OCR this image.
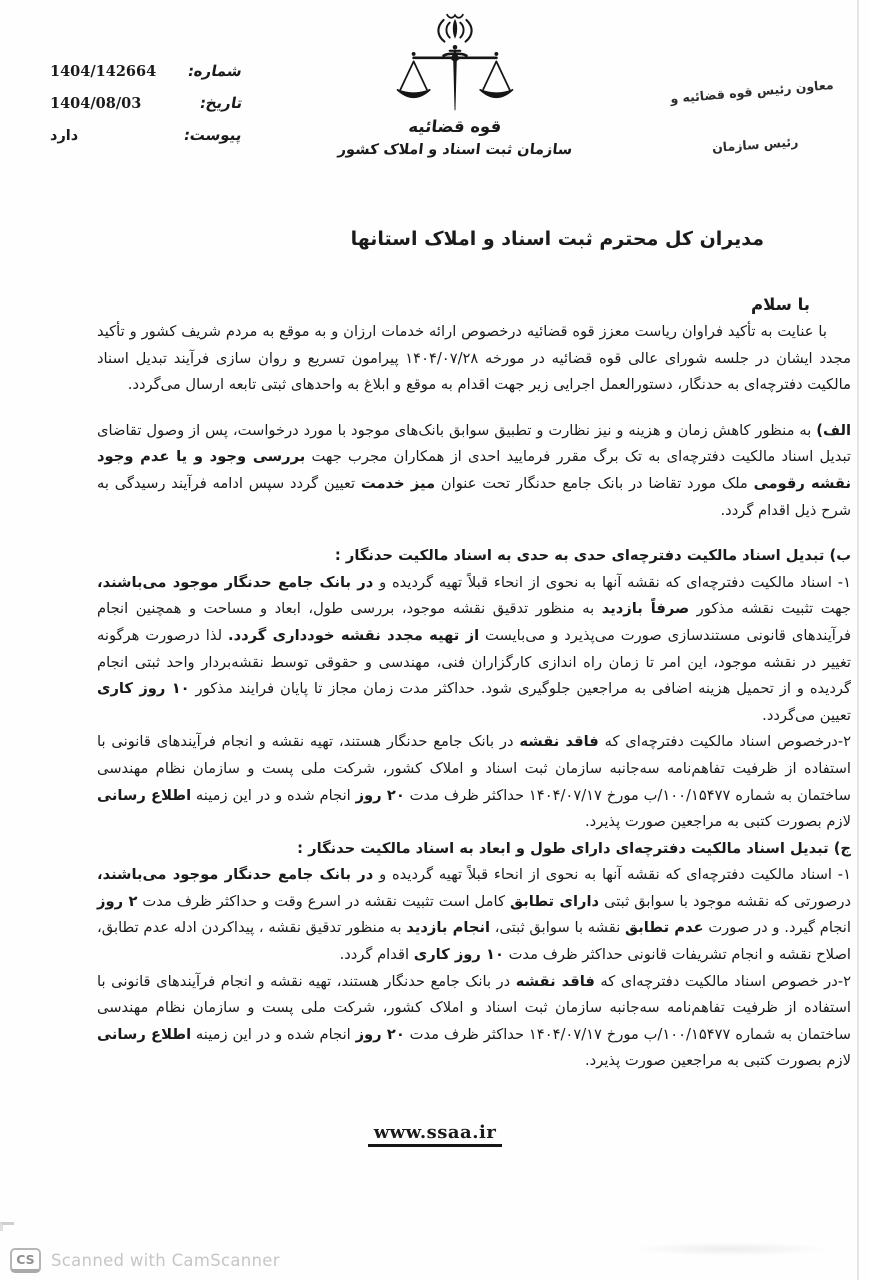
شماره:
1404/142664
تاریخ:
1404/08/03
پیوست:
دارد	قوه قضائیه
سازمان ثبت اسناد و املاک کشور
معاون رئیس قوه قضائیه و
رئیس سازمان
مدیران کل محترم ثبت اسناد و املاک استانها
با سلام

با عنایت به تأکید فراوان ریاست معزز قوه قضائیه درخصوص ارائه خدمات ارزان و به موقع به مردم شریف کشور و تأکید مجدد ایشان در جلسه شورای عالی قوه قضائیه در مورخه ۱۴۰۴/۰۷/۲۸ پیرامون تسریع و روان سازی فرآیند تبدیل اسناد مالکیت دفترچه‌ای به حدنگار، دستورالعمل اجرایی زیر جهت اقدام به موقع و ابلاغ به واحدهای ثبتی تابعه ارسال می‌گردد.

الف) به منظور کاهش زمان و هزینه و نیز نظارت و تطبیق سوابق بانک‌های موجود با مورد درخواست، پس از وصول تقاضای تبدیل اسناد مالکیت دفترچه‌ای به تک برگ مقرر فرمایید احدی از همکاران مجرب جهت بررسی وجود و یا عدم وجود نقشه رقومی ملک مورد تقاضا در بانک جامع حدنگار تحت عنوان میز خدمت تعیین گردد سپس ادامه فرآیند رسیدگی به شرح ذیل اقدام گردد.

ب) تبدیل اسناد مالکیت دفترچه‌ای حدی به حدی به اسناد مالکیت حدنگار :

۱- اسناد مالکیت دفترچه‌ای که نقشه آنها به نحوی از انحاء قبلاً تهیه گردیده و در بانک جامع حدنگار موجود می‌باشند، جهت تثبیت نقشه مذکور صرفاً بازدید به منظور تدقیق نقشه موجود، بررسی طول، ابعاد و مساحت و همچنین انجام فرآیندهای قانونی مستندسازی صورت می‌پذیرد و می‌بایست از تهیه مجدد نقشه خودداری گردد. لذا درصورت هرگونه تغییر در نقشه موجود، این امر تا زمان راه اندازی کارگزاران فنی، مهندسی و حقوقی توسط نقشه‌بردار واحد ثبتی انجام گردیده و از تحمیل هزینه اضافی به مراجعین جلوگیری شود. حداکثر مدت زمان مجاز تا پایان فرایند مذکور ۱۰ روز کاری تعیین می‌گردد.

۲-درخصوص اسناد مالکیت دفترچه‌ای که فاقد نقشه در بانک جامع حدنگار هستند، تهیه نقشه و انجام فرآیندهای قانونی با استفاده از ظرفیت تفاهم‌نامه سه‌جانبه سازمان ثبت اسناد و املاک کشور، شرکت ملی پست و سازمان نظام مهندسی ساختمان به شماره ۱۰۰/۱۵۴۷۷/ب مورخ ۱۴۰۴/۰۷/۱۷ حداکثر ظرف مدت ۲۰ روز انجام شده و در این زمینه اطلاع رسانی لازم بصورت کتبی به مراجعین صورت پذیرد.

ج) تبدیل اسناد مالکیت دفترچه‌ای دارای طول و ابعاد به اسناد مالکیت حدنگار :

۱- اسناد مالکیت دفترچه‌ای که نقشه آنها به نحوی از انحاء قبلاً تهیه گردیده و در بانک جامع حدنگار موجود می‌باشند، درصورتی که نقشه موجود با سوابق ثبتی دارای تطابق کامل است تثبیت نقشه در اسرع وقت و حداکثر ظرف مدت ۲ روز انجام گیرد. و در صورت عدم تطابق نقشه با سوابق ثبتی، انجام بازدید به منظور تدقیق نقشه ، پیداکردن ادله عدم تطابق، اصلاح نقشه و انجام تشریفات قانونی حداکثر ظرف مدت ۱۰ روز کاری اقدام گردد.

۲-در خصوص اسناد مالکیت دفترچه‌ای که فاقد نقشه در بانک جامع حدنگار هستند، تهیه نقشه و انجام فرآیندهای قانونی با استفاده از ظرفیت تفاهم‌نامه سه‌جانبه سازمان ثبت اسناد و املاک کشور، شرکت ملی پست و سازمان نظام مهندسی ساختمان به شماره ۱۰۰/۱۵۴۷۷/ب مورخ ۱۴۰۴/۰۷/۱۷ حداکثر ظرف مدت ۲۰ روز انجام شده و در این زمینه اطلاع رسانی لازم بصورت کتبی به مراجعین صورت پذیرد.

www.ssaa.ir
CS Scanned with CamScanner
